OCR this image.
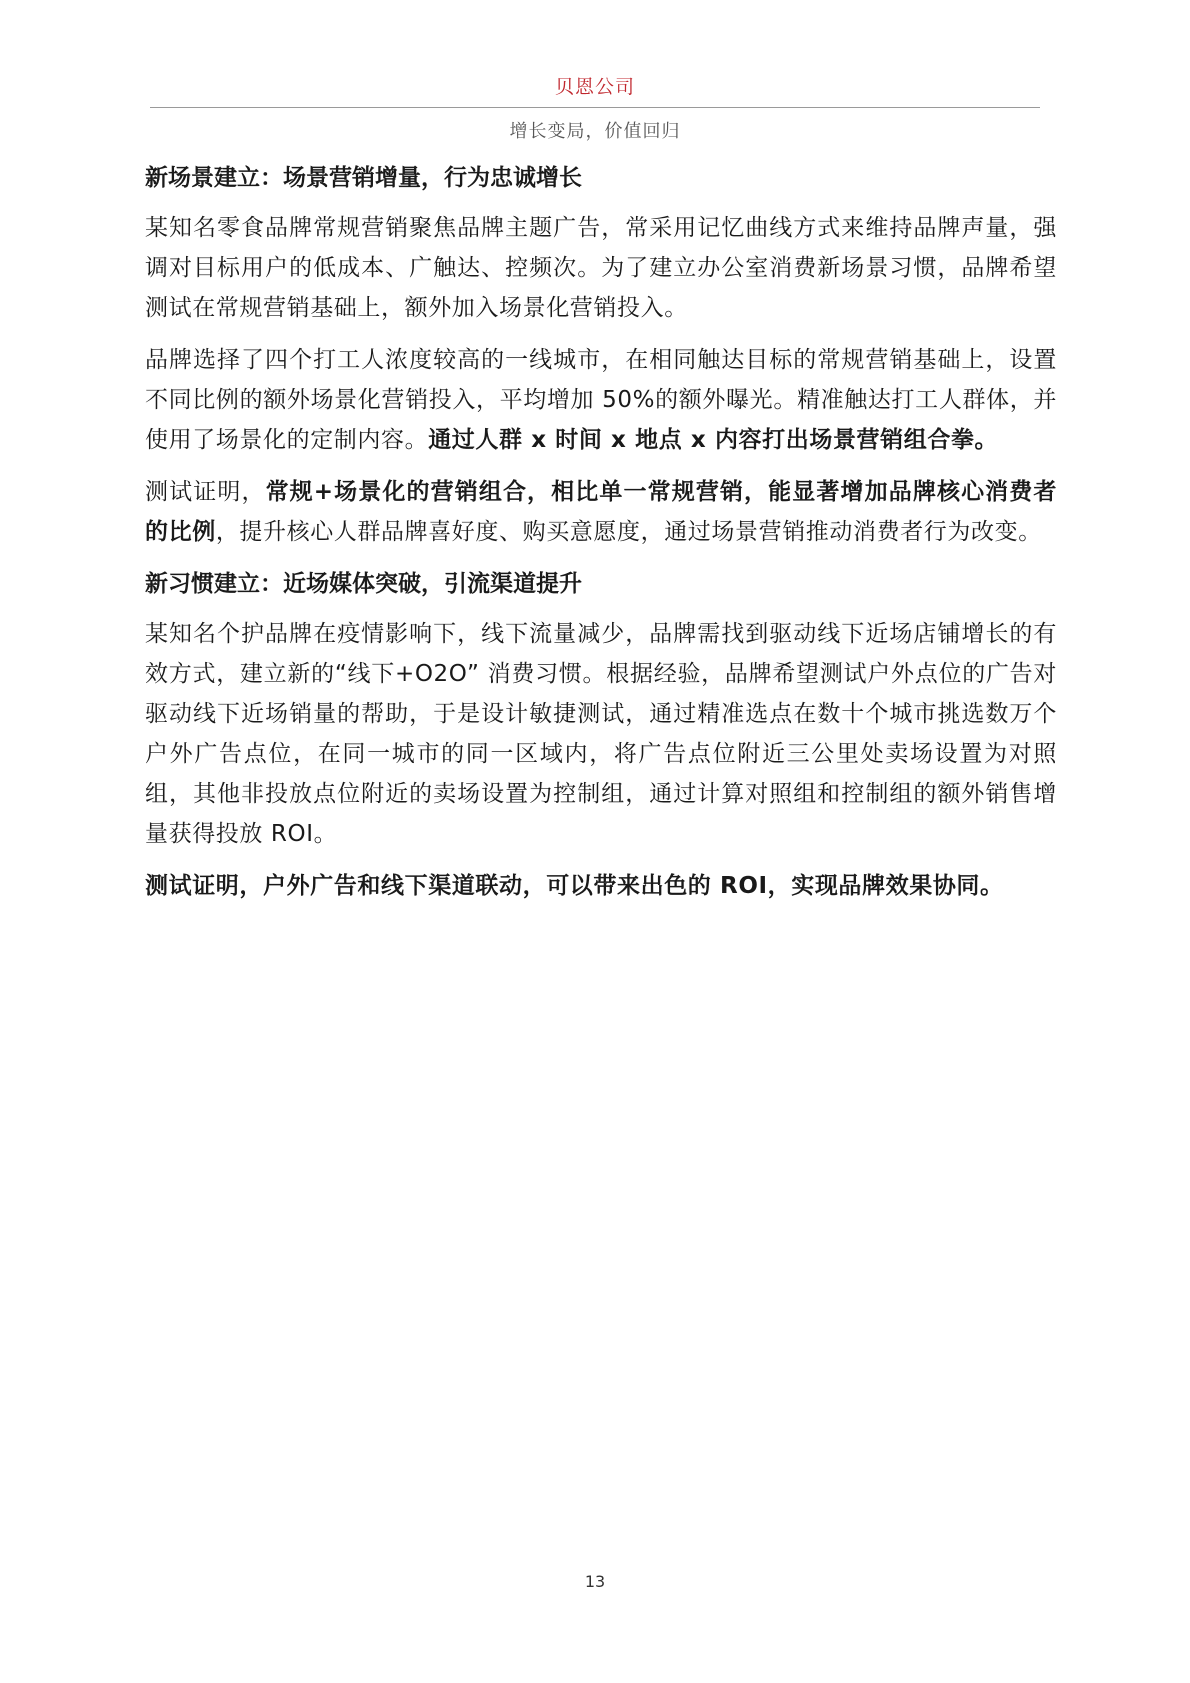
贝恩公司
增长变局，价值回归
新场景建立：场景营销增量，行为忠诚增长

某知名零食品牌常规营销聚焦品牌主题广告，常采用记忆曲线方式来维持品牌声量，强调对目标用户的低成本、广触达、控频次。为了建立办公室消费新场景习惯，品牌希望测试在常规营销基础上，额外加入场景化营销投入。

品牌选择了四个打工人浓度较高的一线城市，在相同触达目标的常规营销基础上，设置不同比例的额外场景化营销投入，平均增加 50%的额外曝光。精准触达打工人群体，并使用了场景化的定制内容。通过人群 x 时间 x 地点 x 内容打出场景营销组合拳。

测试证明，常规+场景化的营销组合，相比单一常规营销，能显著增加品牌核心消费者的比例，提升核心人群品牌喜好度、购买意愿度，通过场景营销推动消费者行为改变。

新习惯建立：近场媒体突破，引流渠道提升

某知名个护品牌在疫情影响下，线下流量减少，品牌需找到驱动线下近场店铺增长的有效方式，建立新的“线下+O2O” 消费习惯。根据经验，品牌希望测试户外点位的广告对驱动线下近场销量的帮助，于是设计敏捷测试，通过精准选点在数十个城市挑选数万个户外广告点位，在同一城市的同一区域内，将广告点位附近三公里处卖场设置为对照组，其他非投放点位附近的卖场设置为控制组，通过计算对照组和控制组的额外销售增量获得投放 ROI。

测试证明，户外广告和线下渠道联动，可以带来出色的 ROI，实现品牌效果协同。

13
